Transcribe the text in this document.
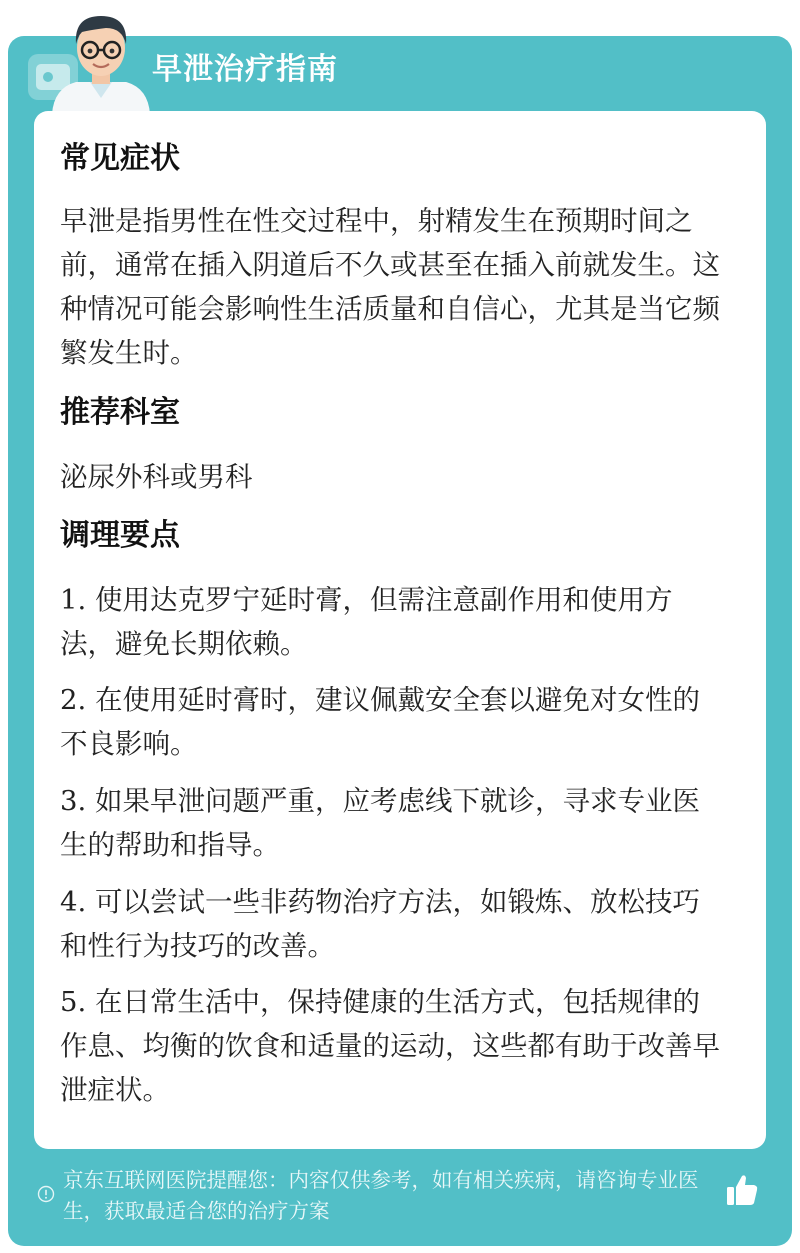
早泄治疗指南
常见症状
早泄是指男性在性交过程中，射精发生在预期时间之前，通常在插入阴道后不久或甚至在插入前就发生。这种情况可能会影响性生活质量和自信心，尤其是当它频繁发生时。
推荐科室
泌尿外科或男科
调理要点
1. 使用达克罗宁延时膏，但需注意副作用和使用方法，避免长期依赖。
2. 在使用延时膏时，建议佩戴安全套以避免对女性的不良影响。
3. 如果早泄问题严重，应考虑线下就诊，寻求专业医生的帮助和指导。
4. 可以尝试一些非药物治疗方法，如锻炼、放松技巧和性行为技巧的改善。
5. 在日常生活中，保持健康的生活方式，包括规律的作息、均衡的饮食和适量的运动，这些都有助于改善早泄症状。
京东互联网医院提醒您：内容仅供参考，如有相关疾病，请咨询专业医生，获取最适合您的治疗方案
